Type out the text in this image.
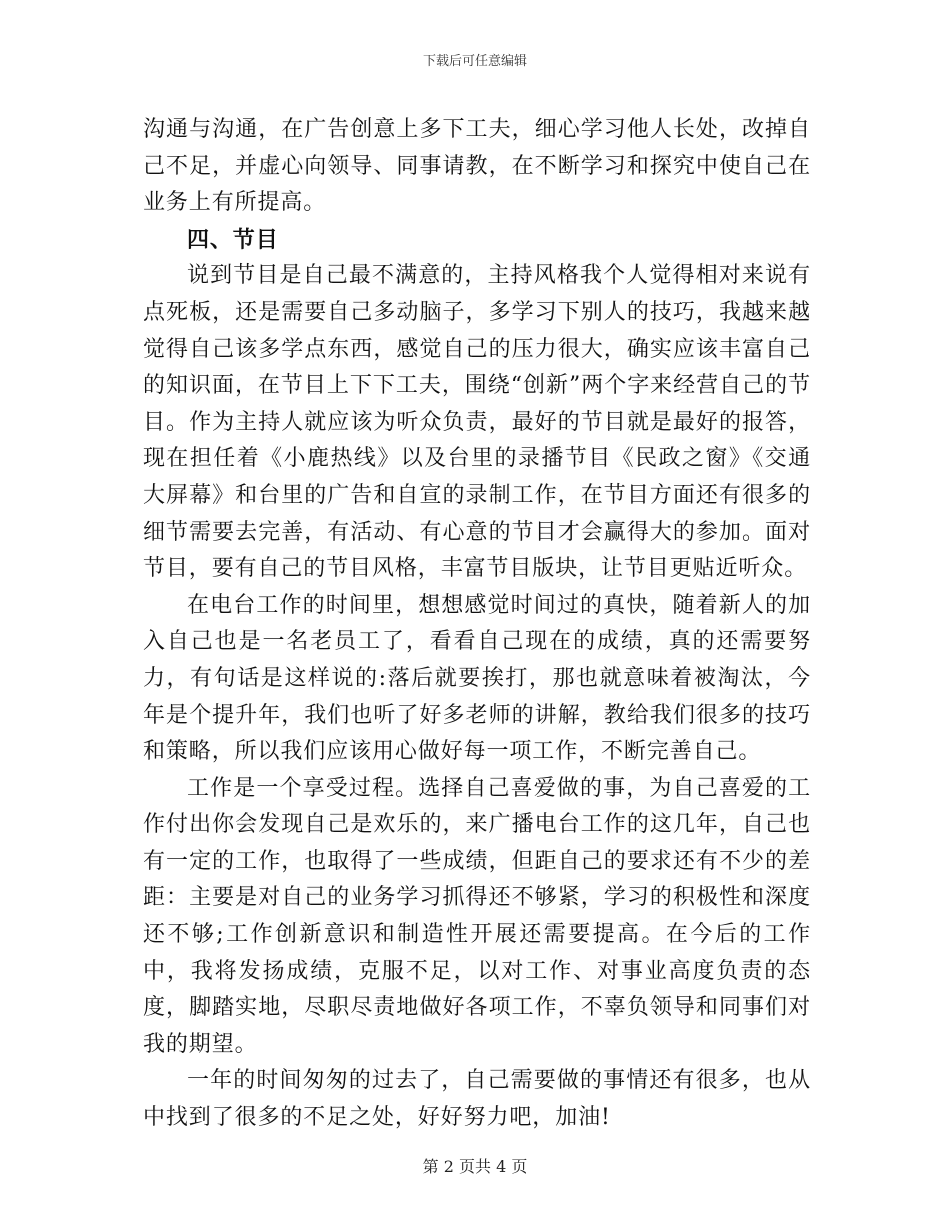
下载后可任意编辑

沟通与沟通，在广告创意上多下工夫，细心学习他人长处，改掉自己不足，并虚心向领导、同事请教，在不断学习和探究中使自己在业务上有所提高。

四、节目

说到节目是自己最不满意的，主持风格我个人觉得相对来说有点死板，还是需要自己多动脑子，多学习下别人的技巧，我越来越觉得自己该多学点东西，感觉自己的压力很大，确实应该丰富自己的知识面，在节目上下下工夫，围绕“创新”两个字来经营自己的节目。作为主持人就应该为听众负责，最好的节目就是最好的报答，现在担任着《小鹿热线》以及台里的录播节目《民政之窗》《交通大屏幕》和台里的广告和自宣的录制工作，在节目方面还有很多的细节需要去完善，有活动、有心意的节目才会赢得大的参加。面对节目，要有自己的节目风格，丰富节目版块，让节目更贴近听众。

在电台工作的时间里，想想感觉时间过的真快，随着新人的加入自己也是一名老员工了，看看自己现在的成绩，真的还需要努力，有句话是这样说的:落后就要挨打，那也就意味着被淘汰，今年是个提升年，我们也听了好多老师的讲解，教给我们很多的技巧和策略，所以我们应该用心做好每一项工作，不断完善自己。

工作是一个享受过程。选择自己喜爱做的事，为自己喜爱的工作付出你会发现自己是欢乐的，来广播电台工作的这几年，自己也有一定的工作，也取得了一些成绩，但距自己的要求还有不少的差距：主要是对自己的业务学习抓得还不够紧，学习的积极性和深度还不够;工作创新意识和制造性开展还需要提高。在今后的工作中，我将发扬成绩，克服不足，以对工作、对事业高度负责的态度，脚踏实地，尽职尽责地做好各项工作，不辜负领导和同事们对我的期望。

一年的时间匆匆的过去了，自己需要做的事情还有很多，也从中找到了很多的不足之处，好好努力吧，加油!

第 2 页共 4 页
